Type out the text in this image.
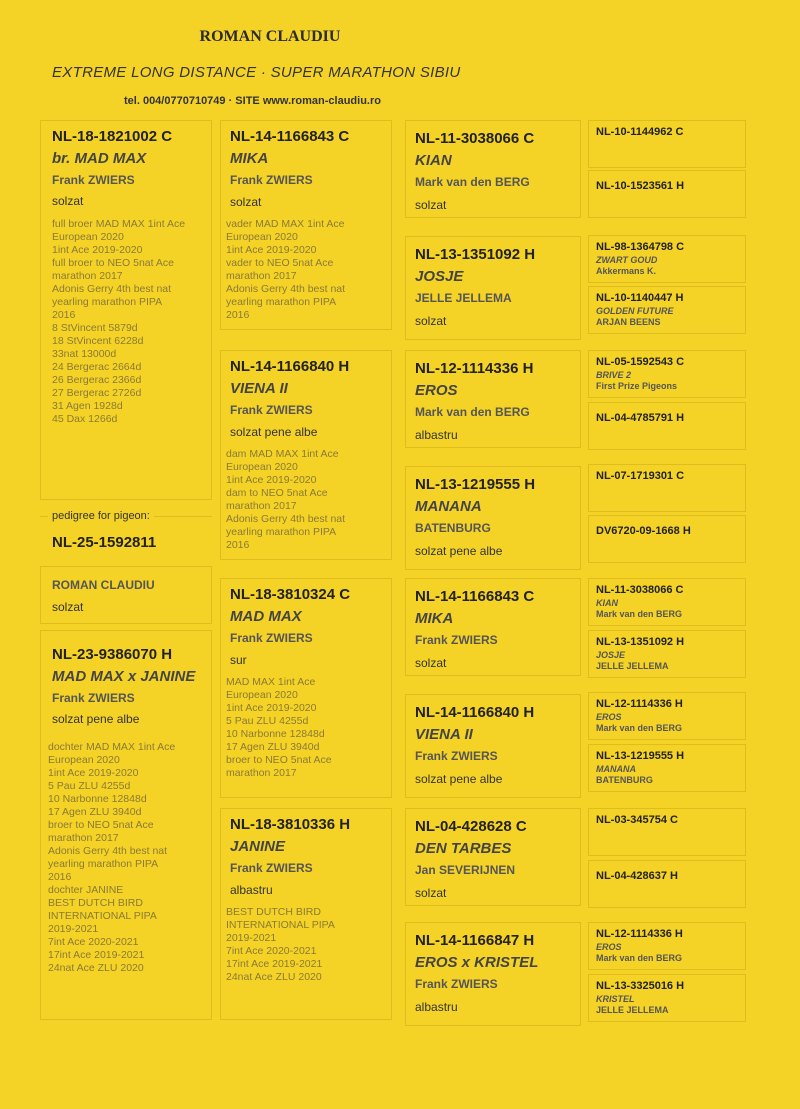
ROMAN CLAUDIU
EXTREME LONG DISTANCE · SUPER MARATHON SIBIU
tel. 004/0770710749 · SITE www.roman-claudiu.ro
NL-18-1821002 C
br. MAD MAX
Frank ZWIERS
solzat
full broer MAD MAX 1int Ace
European 2020
1int Ace 2019-2020
full broer to NEO 5nat Ace
marathon 2017
Adonis Gerry 4th best nat
yearling marathon PIPA
2016
8 StVincent 5879d
18 StVincent 6228d
33nat 13000d
24 Bergerac 2664d
26 Bergerac 2366d
27 Bergerac 2726d
31 Agen 1928d
45 Dax 1266d
pedigree for pigeon:
NL-25-1592811
ROMAN CLAUDIU
solzat
NL-23-9386070 H
MAD MAX x JANINE
Frank ZWIERS
solzat pene albe
dochter MAD MAX 1int Ace
European 2020
1int Ace 2019-2020
5 Pau ZLU 4255d
10 Narbonne 12848d
17 Agen ZLU 3940d
broer to NEO 5nat Ace
marathon 2017
Adonis Gerry 4th best nat
yearling marathon PIPA
2016
dochter JANINE
BEST DUTCH BIRD
INTERNATIONAL PIPA
2019-2021
7int Ace 2020-2021
17int Ace 2019-2021
24nat Ace ZLU 2020
NL-14-1166843 C
MIKA
Frank ZWIERS
solzat
vader MAD MAX 1int Ace
European 2020
1int Ace 2019-2020
vader to NEO 5nat Ace
marathon 2017
Adonis Gerry 4th best nat
yearling marathon PIPA
2016
NL-14-1166840 H
VIENA II
Frank ZWIERS
solzat pene albe
dam MAD MAX 1int Ace
European 2020
1int Ace 2019-2020
dam to NEO 5nat Ace
marathon 2017
Adonis Gerry 4th best nat
yearling marathon PIPA
2016
NL-18-3810324 C
MAD MAX
Frank ZWIERS
sur
MAD MAX 1int Ace
European 2020
1int Ace 2019-2020
5 Pau ZLU 4255d
10 Narbonne 12848d
17 Agen ZLU 3940d
broer to NEO 5nat Ace
marathon 2017
NL-18-3810336 H
JANINE
Frank ZWIERS
albastru
BEST DUTCH BIRD
INTERNATIONAL PIPA
2019-2021
7int Ace 2020-2021
17int Ace 2019-2021
24nat Ace ZLU 2020
NL-11-3038066 C
KIAN
Mark van den BERG
solzat
NL-13-1351092 H
JOSJE
JELLE JELLEMA
solzat
NL-12-1114336 H
EROS
Mark van den BERG
albastru
NL-13-1219555 H
MANANA
BATENBURG
solzat pene albe
NL-14-1166843 C
MIKA
Frank ZWIERS
solzat
NL-14-1166840 H
VIENA II
Frank ZWIERS
solzat pene albe
NL-04-428628 C
DEN TARBES
Jan SEVERIJNEN
solzat
NL-14-1166847 H
EROS x KRISTEL
Frank ZWIERS
albastru
NL-10-1144962 C
NL-10-1523561 H
NL-98-1364798 C
ZWART GOUD
Akkermans K.
NL-10-1140447 H
GOLDEN FUTURE
ARJAN BEENS
NL-05-1592543 C
BRIVE 2
First Prize Pigeons
NL-04-4785791 H
NL-07-1719301 C
DV6720-09-1668 H
NL-11-3038066 C
KIAN
Mark van den BERG
NL-13-1351092 H
JOSJE
JELLE JELLEMA
NL-12-1114336 H
EROS
Mark van den BERG
NL-13-1219555 H
MANANA
BATENBURG
NL-03-345754 C
NL-04-428637 H
NL-12-1114336 H
EROS
Mark van den BERG
NL-13-3325016 H
KRISTEL
JELLE JELLEMA
